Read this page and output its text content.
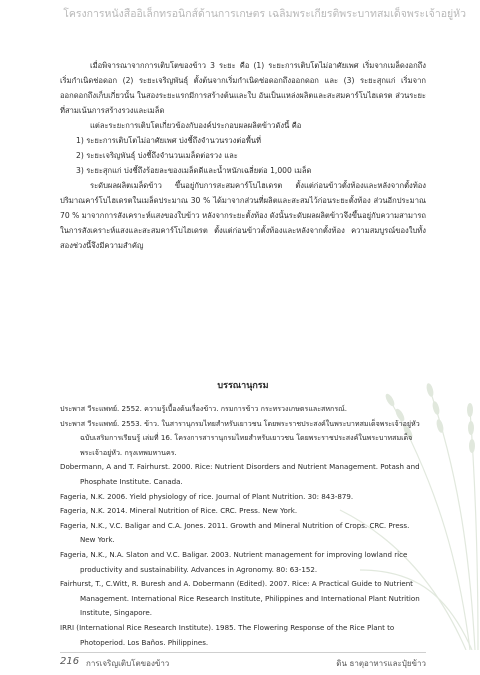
โครงการหนังสืออิเล็กทรอนิกส์ด้านการเกษตร เฉลิมพระเกียรติพระบาทสมเด็จพระเจ้าอยู่หัว

เมื่อพิจารณาจากการเติบโตของข้าว 3 ระยะ คือ (1) ระยะการเติบโตไม่อาศัยเพศ เริ่มจากเมล็ดงอกถึงเริ่มกำเนิดช่อดอก (2) ระยะเจริญพันธุ์ ตั้งต้นจากเริ่มกำเนิดช่อดอกถึงออกดอก และ (3) ระยะสุกแก่ เริ่มจากออกดอกถึงเก็บเกี่ยวนั้น ในสองระยะแรกมีการสร้างต้นและใบ อันเป็นแหล่งผลิตและสะสมคาร์โบไฮเดรต ส่วนระยะที่สามเน้นการสร้างรวงและเมล็ด

แต่ละระยะการเติบโตเกี่ยวข้องกับองค์ประกอบผลผลิตข้าวดังนี้ คือ

1) ระยะการเติบโตไม่อาศัยเพศ บ่งชี้ถึงจำนวนรวงต่อพื้นที่
2) ระยะเจริญพันธุ์ บ่งชี้ถึงจำนวนเมล็ดต่อรวง และ
3) ระยะสุกแก่ บ่งชี้ถึงร้อยละของเมล็ดดีและน้ำหนักเฉลี่ยต่อ 1,000 เมล็ด

ระดับผลผลิตเมล็ดข้าว ขึ้นอยู่กับการสะสมคาร์โบไฮเดรต ตั้งแต่ก่อนข้าวตั้งท้องและหลังจากตั้งท้อง ปริมาณคาร์โบไฮเดรตในเมล็ดประมาณ 30 % ได้มาจากส่วนที่ผลิตและสะสมไว้ก่อนระยะตั้งท้อง ส่วนอีกประมาณ 70 % มาจากการสังเคราะห์แสงของใบข้าว หลังจากระยะตั้งท้อง ดังนั้นระดับผลผลิตข้าวจึงขึ้นอยู่กับความสามารถในการสังเคราะห์แสงและสะสมคาร์โบไฮเดรต ตั้งแต่ก่อนข้าวตั้งท้องและหลังจากตั้งท้อง ความสมบูรณ์ของใบทั้งสองช่วงนี้จึงมีความสำคัญ

บรรณานุกรม

ประพาส วีระแพทย์. 2552. ความรู้เบื้องต้นเรื่องข้าว. กรมการข้าว กระทรวงเกษตรและสหกรณ์.

ประพาส วีระแพทย์. 2553. ข้าว. ในสารานุกรมไทยสำหรับเยาวชน โดยพระราชประสงค์ในพระบาทสมเด็จพระเจ้าอยู่หัว ฉบับเสริมการเรียนรู้ เล่มที่ 16. โครงการสารานุกรมไทยสำหรับเยาวชน โดยพระราชประสงค์ในพระบาทสมเด็จพระเจ้าอยู่หัว. กรุงเทพมหานคร.

Dobermann, A and T. Fairhurst. 2000. Rice: Nutrient Disorders and Nutrient Management. Potash and Phosphate Institute. Canada.

Fageria, N.K. 2006. Yield physiology of rice. Journal of Plant Nutrition. 30: 843-879.

Fageria, N.K. 2014. Mineral Nutrition of Rice. CRC. Press. New York.

Fageria, N.K., V.C. Baligar and C.A. Jones. 2011. Growth and Mineral Nutrition of Crops. CRC. Press. New York.

Fageria, N.K., N.A. Slaton and V.C. Baligar. 2003. Nutrient management for improving lowland rice productivity and sustainability. Advances in Agronomy. 80: 63-152.

Fairhurst, T., C.Witt, R. Buresh and A. Dobermann (Edited). 2007. Rice: A Practical Guide to Nutrient Management. International Rice Research Institute, Philippines and International Plant Nutrition Institute, Singapore.

IRRI (International Rice Research Institute). 1985. The Flowering Response of the Rice Plant to Photoperiod. Los Baños. Philippines.

216 การเจริญเติบโตของข้าว	ดิน ธาตุอาหารและปุ๋ยข้าว
